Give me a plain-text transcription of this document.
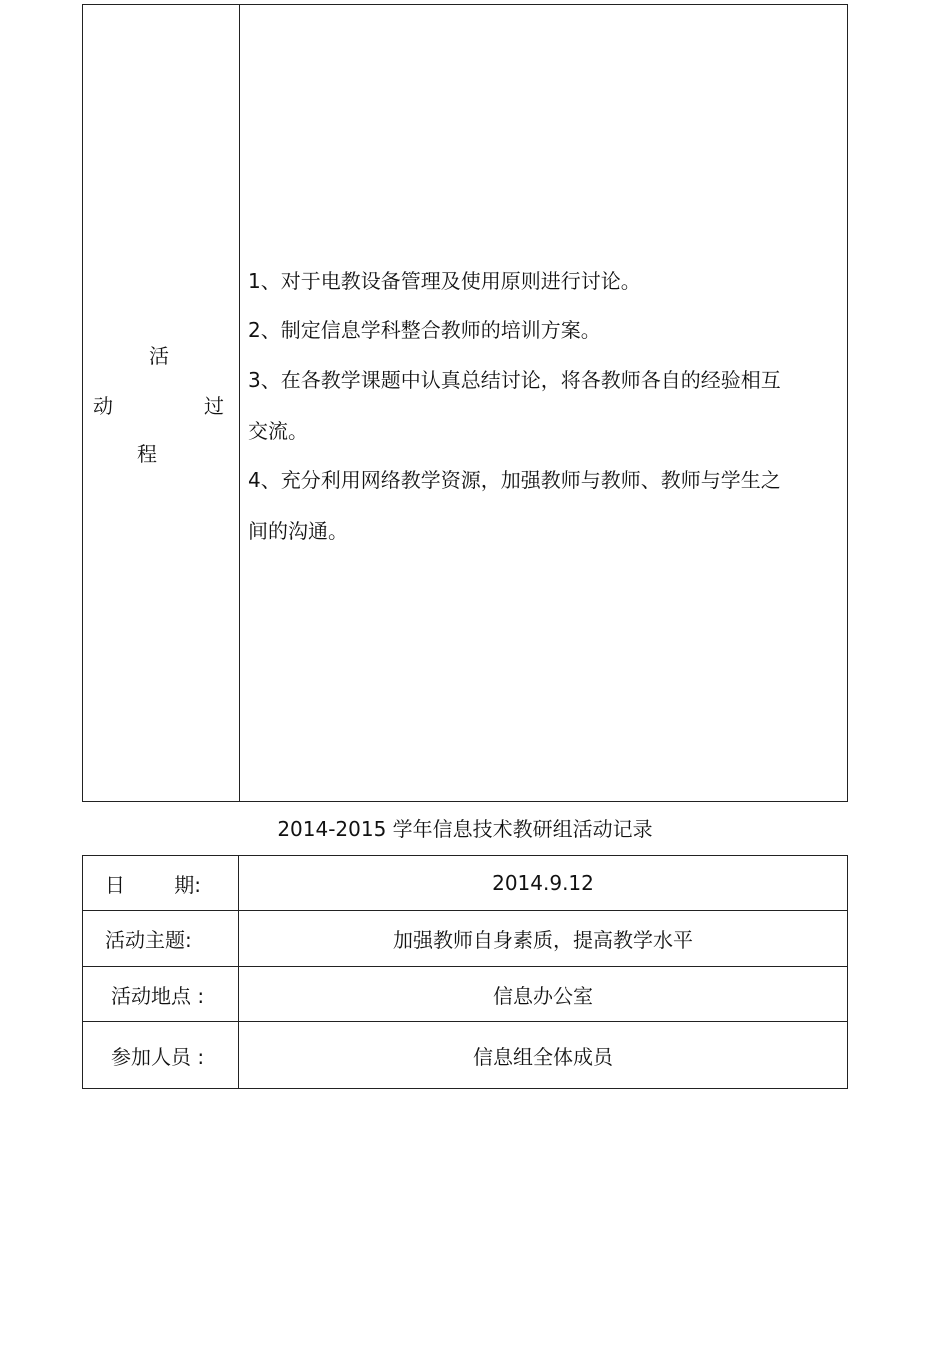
活
动	过
程
1、对于电教设备管理及使用原则进行讨论。
2、制定信息学科整合教师的培训方案。
3、在各教学课题中认真总结讨论，将各教师各自的经验相互
交流。
4、充分利用网络教学资源，加强教师与教师、教师与学生之
间的沟通。
2014-2015 学年信息技术教研组活动记录
日 期:	2014.9.12
活动主题:	加强教师自身素质，提高教学水平
活动地点 :	信息办公室
参加人员 :	信息组全体成员
